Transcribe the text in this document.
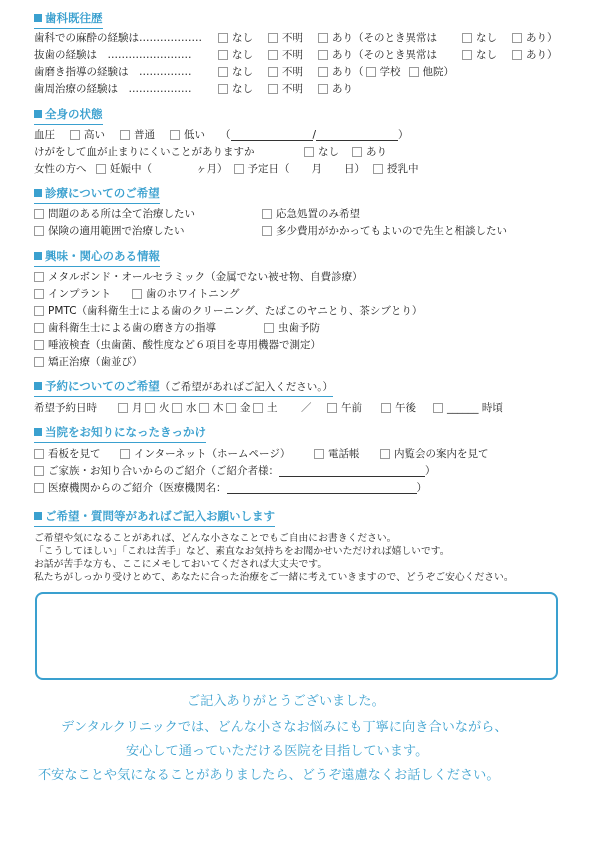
歯科既往歴
歯科での麻酔の経験は………………	なし	不明	あり（そのとき異常は	なし	あり）
抜歯の経験は　……………………	なし	不明	あり（そのとき異常は	なし	あり）
歯磨き指導の経験は　……………	なし	不明	あり（ 学校 他院）
歯周治療の経験は　………………	なし	不明	あり
全身の状態
血圧	高い	普通	低い （	/	）
けがをして血が止まりにくいことがありますか	なし	あり
女性の方へ	妊娠中（	ヶ月） 予定日（ 月 日） 授乳中
診療についてのご希望
問題のある所は全て治療したい	応急処置のみ希望
保険の適用範囲で治療したい	多少費用がかかってもよいので先生と相談したい
興味・関心のある情報
メタルボンド・オールセラミック（金属でない被せ物、自費診療）
インプラント	歯のホワイトニング
PMTC（歯科衛生士による歯のクリーニング、たばこのヤニとり、茶シブとり）
歯科衛生士による歯の磨き方の指導	虫歯予防
唾液検査（虫歯菌、酸性度など６項目を専用機器で測定）
矯正治療（歯並び）
予約についてのご希望 （ご希望があればご記入ください。）
希望予約日時	月 火 水 木 金 土 ／	午前	午後	______ 時頃
当院をお知りになったきっかけ
看板を見て	インターネット（ホームページ）	電話帳	内覧会の案内を見て
ご家族・お知り合いからのご紹介（ご紹介者様：	）
医療機関からのご紹介（医療機関名：	）
ご希望・質問等があればご記入お願いします
ご希望や気になることがあれば、どんな小さなことでもご自由にお書きください。
「こうしてほしい」「これは苦手」など、素直なお気持ちをお聞かせいただければ嬉しいです。
お話が苦手な方も、ここにメモしておいてくだされば大丈夫です。
私たちがしっかり受けとめて、あなたに合った治療をご一緒に考えていきますので、どうぞご安心ください。
ご記入ありがとうございました。
デンタルクリニックでは、どんな小さなお悩みにも丁寧に向き合いながら、
安心して通っていただける医院を目指しています。
不安なことや気になることがありましたら、どうぞ遠慮なくお話しください。
